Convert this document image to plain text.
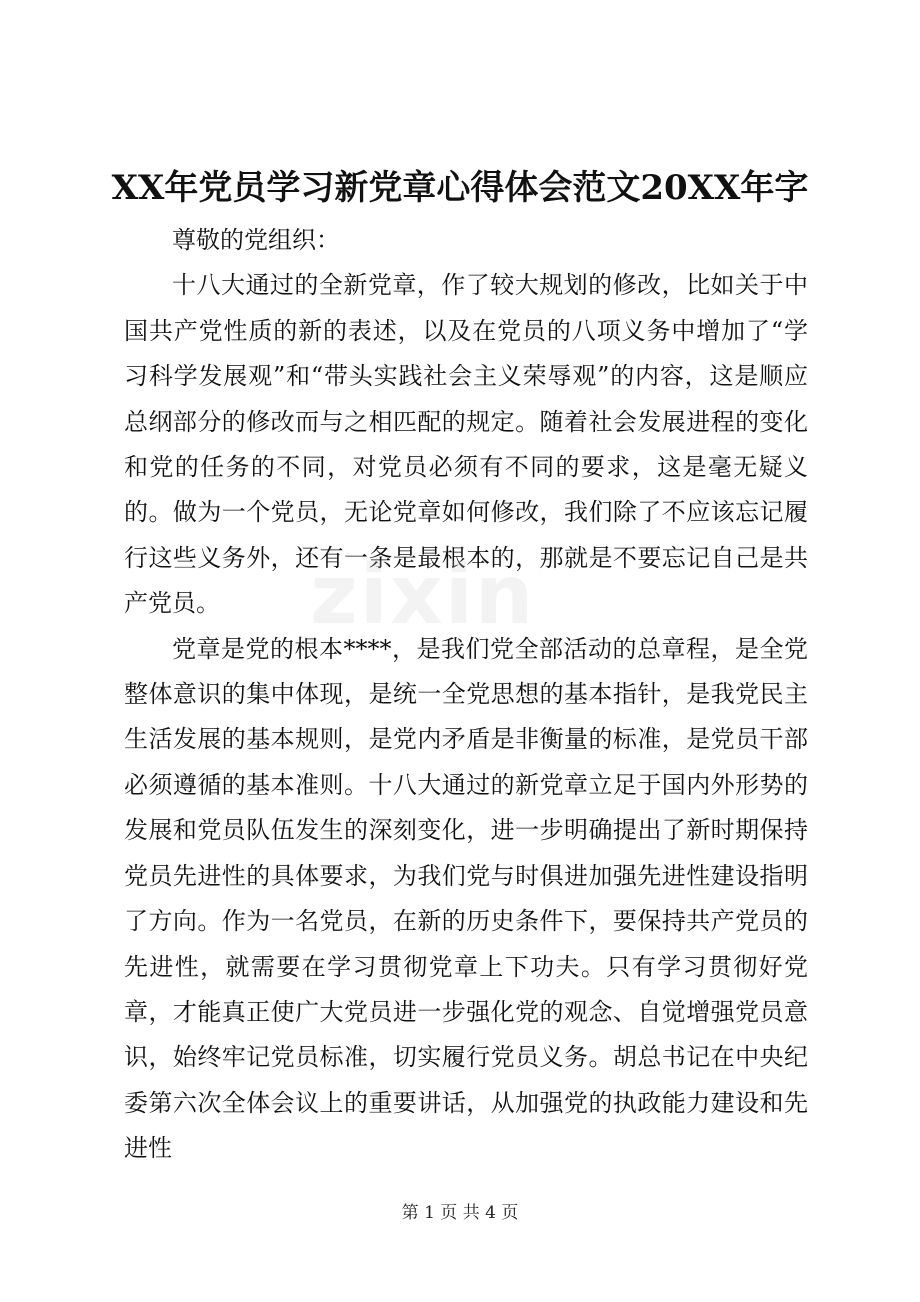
XX年党员学习新党章心得体会范文20XX年字

尊敬的党组织：

十八大通过的全新党章，作了较大规划的修改，比如关于中国共产党性质的新的表述，以及在党员的八项义务中增加了“学习科学发展观”和“带头实践社会主义荣辱观”的内容，这是顺应总纲部分的修改而与之相匹配的规定。随着社会发展进程的变化和党的任务的不同，对党员必须有不同的要求，这是毫无疑义的。做为一个党员，无论党章如何修改，我们除了不应该忘记履行这些义务外，还有一条是最根本的，那就是不要忘记自己是共产党员。

党章是党的根本****，是我们党全部活动的总章程，是全党整体意识的集中体现，是统一全党思想的基本指针，是我党民主生活发展的基本规则，是党内矛盾是非衡量的标准，是党员干部必须遵循的基本准则。十八大通过的新党章立足于国内外形势的发展和党员队伍发生的深刻变化，进一步明确提出了新时期保持党员先进性的具体要求，为我们党与时俱进加强先进性建设指明了方向。作为一名党员，在新的历史条件下，要保持共产党员的先进性，就需要在学习贯彻党章上下功夫。只有学习贯彻好党章，才能真正使广大党员进一步强化党的观念、自觉增强党员意识，始终牢记党员标准，切实履行党员义务。胡总书记在中央纪委第六次全体会议上的重要讲话，从加强党的执政能力建设和先进性

zixin
第 1 页 共 4 页
